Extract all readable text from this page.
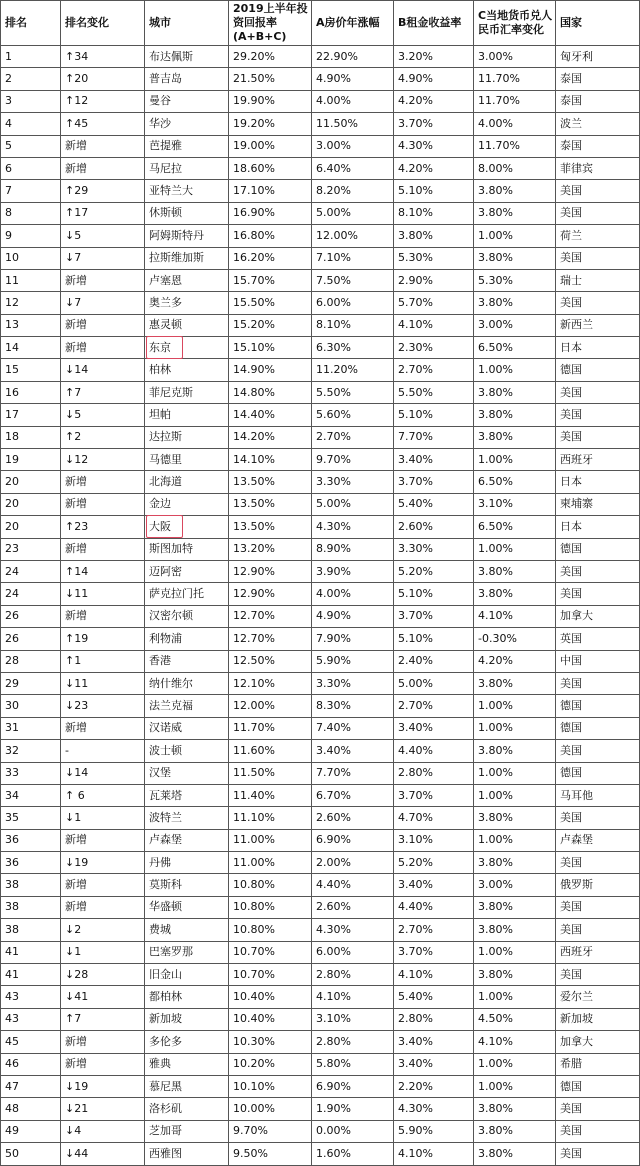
排名	排名变化	城市	2019上半年投资回报率(A+B+C)	A房价年涨幅	B租金收益率	C当地货币兑人民币汇率变化	国家
1	↑34	布达佩斯	29.20%	22.90%	3.20%	3.00%	匈牙利
2	↑20	普吉岛	21.50%	4.90%	4.90%	11.70%	泰国
3	↑12	曼谷	19.90%	4.00%	4.20%	11.70%	泰国
4	↑45	华沙	19.20%	11.50%	3.70%	4.00%	波兰
5	新增	芭提雅	19.00%	3.00%	4.30%	11.70%	泰国
6	新增	马尼拉	18.60%	6.40%	4.20%	8.00%	菲律宾
7	↑29	亚特兰大	17.10%	8.20%	5.10%	3.80%	美国
8	↑17	休斯顿	16.90%	5.00%	8.10%	3.80%	美国
9	↓5	阿姆斯特丹	16.80%	12.00%	3.80%	1.00%	荷兰
10	↓7	拉斯维加斯	16.20%	7.10%	5.30%	3.80%	美国
11	新增	卢塞恩	15.70%	7.50%	2.90%	5.30%	瑞士
12	↓7	奥兰多	15.50%	6.00%	5.70%	3.80%	美国
13	新增	惠灵顿	15.20%	8.10%	4.10%	3.00%	新西兰
14	新增	东京	15.10%	6.30%	2.30%	6.50%	日本
15	↓14	柏林	14.90%	11.20%	2.70%	1.00%	德国
16	↑7	菲尼克斯	14.80%	5.50%	5.50%	3.80%	美国
17	↓5	坦帕	14.40%	5.60%	5.10%	3.80%	美国
18	↑2	达拉斯	14.20%	2.70%	7.70%	3.80%	美国
19	↓12	马德里	14.10%	9.70%	3.40%	1.00%	西班牙
20	新增	北海道	13.50%	3.30%	3.70%	6.50%	日本
20	新增	金边	13.50%	5.00%	5.40%	3.10%	柬埔寨
20	↑23	大阪	13.50%	4.30%	2.60%	6.50%	日本
23	新增	斯图加特	13.20%	8.90%	3.30%	1.00%	德国
24	↑14	迈阿密	12.90%	3.90%	5.20%	3.80%	美国
24	↓11	萨克拉门托	12.90%	4.00%	5.10%	3.80%	美国
26	新增	汉密尔顿	12.70%	4.90%	3.70%	4.10%	加拿大
26	↑19	利物浦	12.70%	7.90%	5.10%	-0.30%	英国
28	↑1	香港	12.50%	5.90%	2.40%	4.20%	中国
29	↓11	纳什维尔	12.10%	3.30%	5.00%	3.80%	美国
30	↓23	法兰克福	12.00%	8.30%	2.70%	1.00%	德国
31	新增	汉诺威	11.70%	7.40%	3.40%	1.00%	德国
32	-	波士顿	11.60%	3.40%	4.40%	3.80%	美国
33	↓14	汉堡	11.50%	7.70%	2.80%	1.00%	德国
34	↑ 6	瓦莱塔	11.40%	6.70%	3.70%	1.00%	马耳他
35	↓1	波特兰	11.10%	2.60%	4.70%	3.80%	美国
36	新增	卢森堡	11.00%	6.90%	3.10%	1.00%	卢森堡
36	↓19	丹佛	11.00%	2.00%	5.20%	3.80%	美国
38	新增	莫斯科	10.80%	4.40%	3.40%	3.00%	俄罗斯
38	新增	华盛顿	10.80%	2.60%	4.40%	3.80%	美国
38	↓2	费城	10.80%	4.30%	2.70%	3.80%	美国
41	↓1	巴塞罗那	10.70%	6.00%	3.70%	1.00%	西班牙
41	↓28	旧金山	10.70%	2.80%	4.10%	3.80%	美国
43	↓41	都柏林	10.40%	4.10%	5.40%	1.00%	爱尔兰
43	↑7	新加坡	10.40%	3.10%	2.80%	4.50%	新加坡
45	新增	多伦多	10.30%	2.80%	3.40%	4.10%	加拿大
46	新增	雅典	10.20%	5.80%	3.40%	1.00%	希腊
47	↓19	慕尼黑	10.10%	6.90%	2.20%	1.00%	德国
48	↓21	洛杉矶	10.00%	1.90%	4.30%	3.80%	美国
49	↓4	芝加哥	9.70%	0.00%	5.90%	3.80%	美国
50	↓44	西雅图	9.50%	1.60%	4.10%	3.80%	美国
